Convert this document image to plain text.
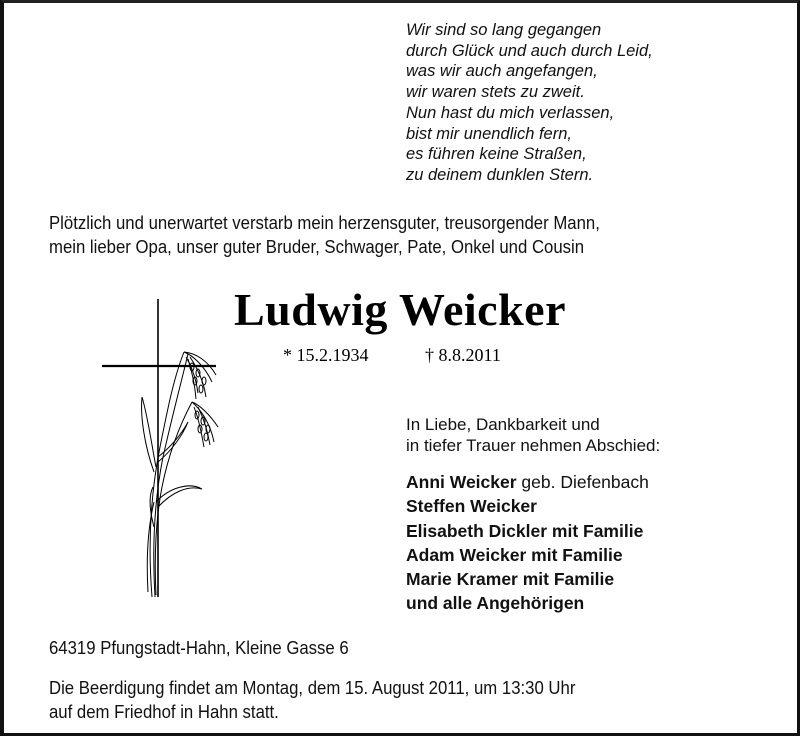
Wir sind so lang gegangen
durch Glück und auch durch Leid,
was wir auch angefangen,
wir waren stets zu zweit.
Nun hast du mich verlassen,
bist mir unendlich fern,
es führen keine Straßen,
zu deinem dunklen Stern.
Plötzlich und unerwartet verstarb mein herzensguter, treusorgender Mann,
mein lieber Opa, unser guter Bruder, Schwager, Pate, Onkel und Cousin
Ludwig Weicker
* 15.2.1934	† 8.8.2011
In Liebe, Dankbarkeit und
in tiefer Trauer nehmen Abschied:
Anni Weicker geb. Diefenbach
Steffen Weicker
Elisabeth Dickler mit Familie
Adam Weicker mit Familie
Marie Kramer mit Familie
und alle Angehörigen
64319 Pfungstadt-Hahn, Kleine Gasse 6
Die Beerdigung findet am Montag, dem 15. August 2011, um 13:30 Uhr
auf dem Friedhof in Hahn statt.
